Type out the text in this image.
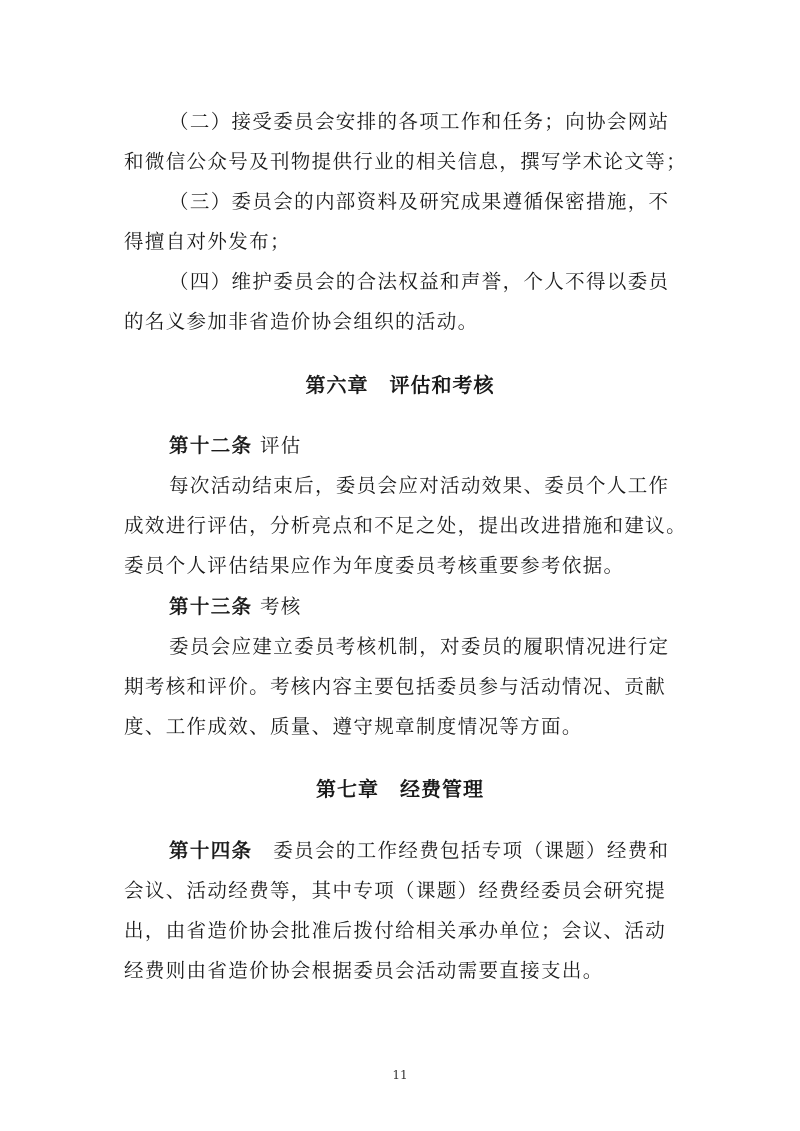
（二）接受委员会安排的各项工作和任务；向协会网站
和微信公众号及刊物提供行业的相关信息，撰写学术论文等；
（三）委员会的内部资料及研究成果遵循保密措施，不
得擅自对外发布；
（四）维护委员会的合法权益和声誉，个人不得以委员
的名义参加非省造价协会组织的活动。
第六章　评估和考核
第十二条 评估
每次活动结束后，委员会应对活动效果、委员个人工作
成效进行评估，分析亮点和不足之处，提出改进措施和建议。
委员个人评估结果应作为年度委员考核重要参考依据。
第十三条 考核
委员会应建立委员考核机制，对委员的履职情况进行定
期考核和评价。考核内容主要包括委员参与活动情况、贡献
度、工作成效、质量、遵守规章制度情况等方面。
第七章　经费管理
第十四条　委员会的工作经费包括专项（课题）经费和
会议、活动经费等，其中专项（课题）经费经委员会研究提
出，由省造价协会批准后拨付给相关承办单位；会议、活动
经费则由省造价协会根据委员会活动需要直接支出。
11
